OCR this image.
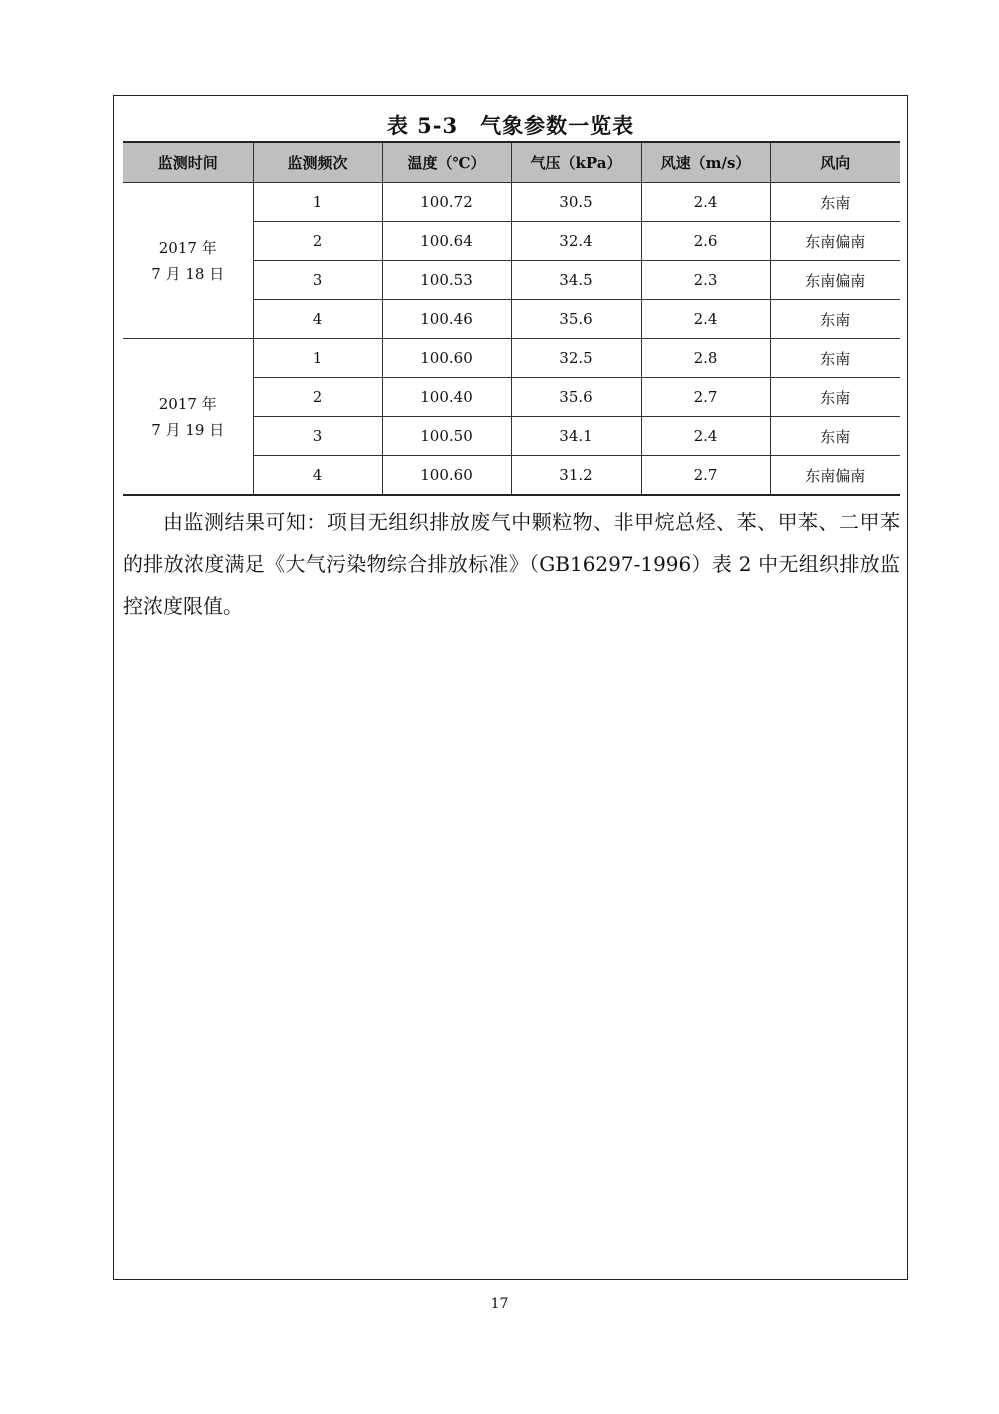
表 5-3　气象参数一览表
监测时间	监测频次	温度（℃）	气压（kPa）	风速（m/s）	风向
2017 年
7 月 18 日	1	100.72	30.5	2.4	东南
	2	100.64	32.4	2.6	东南偏南
	3	100.53	34.5	2.3	东南偏南
	4	100.46	35.6	2.4	东南
2017 年
7 月 19 日	1	100.60	32.5	2.8	东南
	2	100.40	35.6	2.7	东南
	3	100.50	34.1	2.4	东南
	4	100.60	31.2	2.7	东南偏南

由监测结果可知：项目无组织排放废气中颗粒物、非甲烷总烃、苯、甲苯、二甲苯的排放浓度满足《大气污染物综合排放标准》（GB16297-1996）表 2 中无组织排放监控浓度限值。

17
